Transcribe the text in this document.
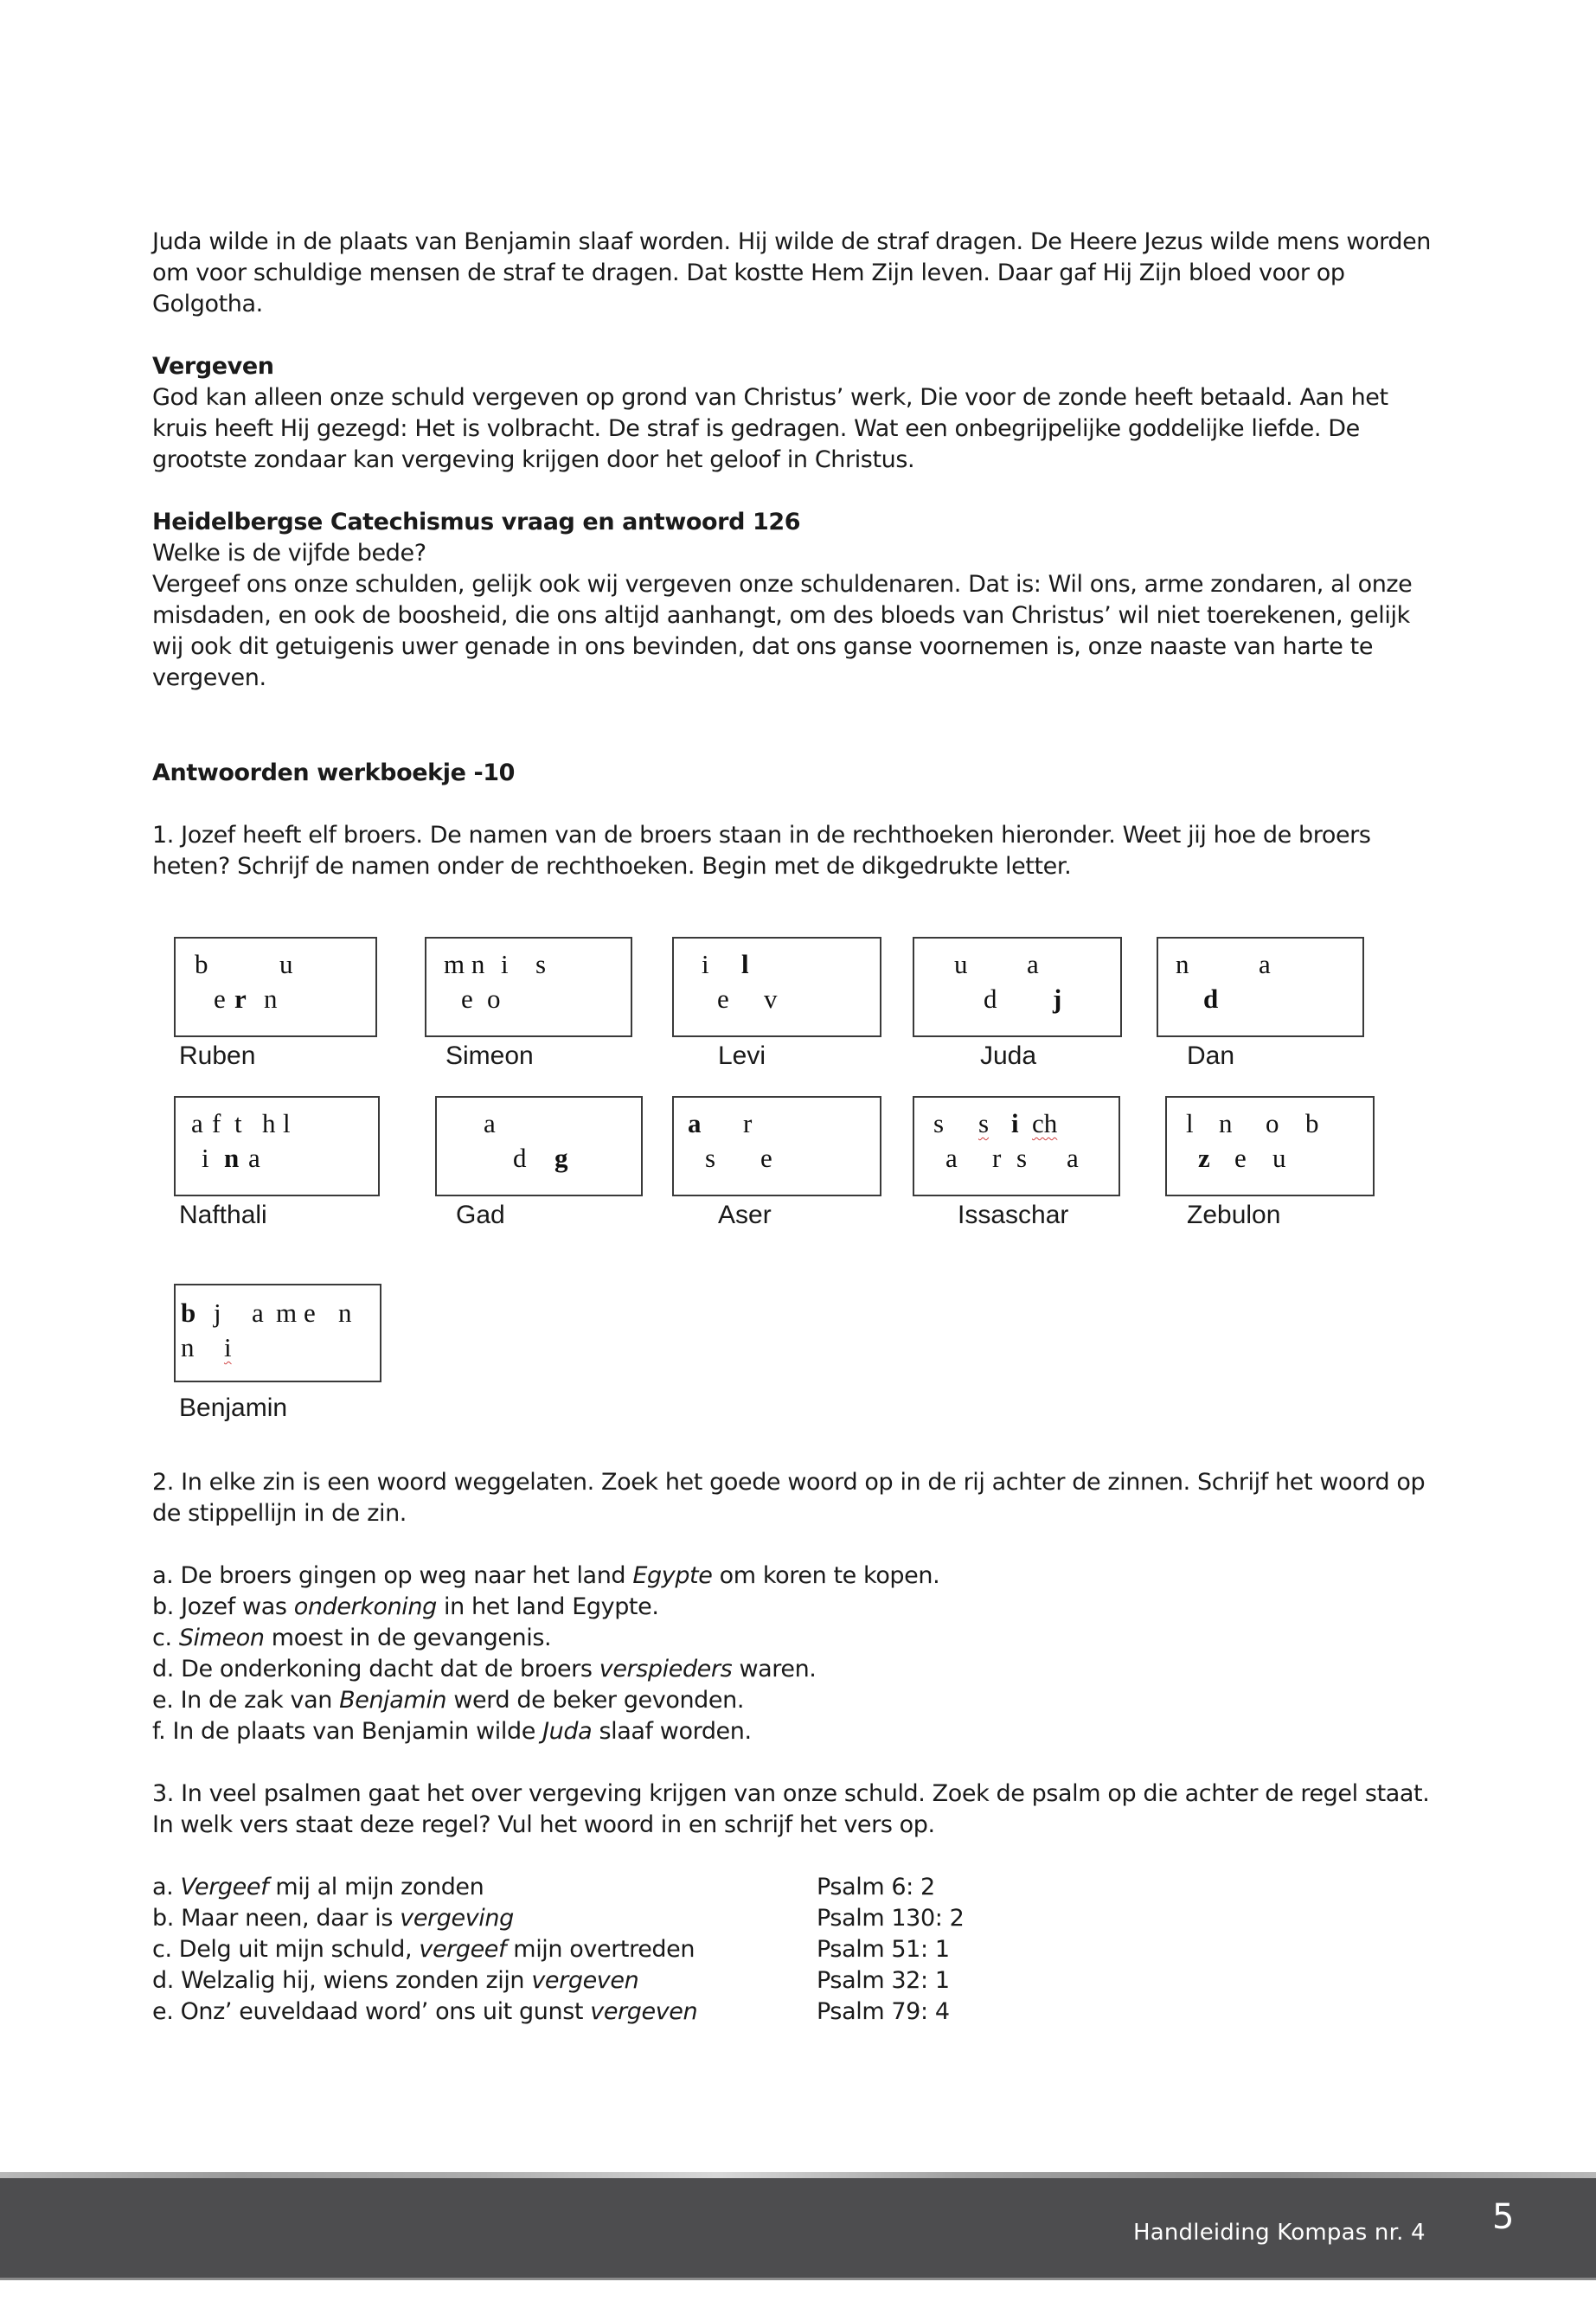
Juda wilde in de plaats van Benjamin slaaf worden. Hij wilde de straf dragen. De Heere Jezus wilde mens worden om voor schuldige mensen de straf te dragen. Dat kostte Hem Zijn leven. Daar gaf Hij Zijn bloed voor op Golgotha.

Vergeven

God kan alleen onze schuld vergeven op grond van Christus’ werk, Die voor de zonde heeft betaald. Aan het kruis heeft Hij gezegd: Het is volbracht. De straf is gedragen. Wat een onbegrijpelijke goddelijke liefde. De grootste zondaar kan vergeving krijgen door het geloof in Christus.

Heidelbergse Catechismus vraag en antwoord 126

Welke is de vijfde bede?

Vergeef ons onze schulden, gelijk ook wij vergeven onze schuldenaren. Dat is: Wil ons, arme zondaren, al onze misdaden, en ook de boosheid, die ons altijd aanhangt, om des bloeds van Christus’ wil niet toerekenen, gelijk wij ook dit getuigenis uwer genade in ons bevinden, dat ons ganse voornemen is, onze naaste van harte te vergeven.

Antwoorden werkboekje -10

1. Jozef heeft elf broers. De namen van de broers staan in de rechthoeken hieronder. Weet jij hoe de broers heten? Schrijf de namen onder de rechthoeken. Begin met de dikgedrukte letter.

b	u
e r n
Ruben
m n i s
e o
Simeon
i l
e v
Levi
u a
d j
Juda
n	a
d
Dan
a f t h l
i n a
Nafthali
a
d g
Gad
a r
s e
Aser
s s i ch
a r s a
Issaschar
l n o b
z e u
Zebulon
b j a m e n
n i
Benjamin

2. In elke zin is een woord weggelaten. Zoek het goede woord op in de rij achter de zinnen. Schrijf het woord op de stippellijn in de zin.

a. De broers gingen op weg naar het land Egypte om koren te kopen.

b. Jozef was onderkoning in het land Egypte.

c. Simeon moest in de gevangenis.

d. De onderkoning dacht dat de broers verspieders waren.

e. In de zak van Benjamin werd de beker gevonden.

f. In de plaats van Benjamin wilde Juda slaaf worden.

3. In veel psalmen gaat het over vergeving krijgen van onze schuld. Zoek de psalm op die achter de regel staat. In welk vers staat deze regel? Vul het woord in en schrijf het vers op.

a. Vergeef mij al mijn zonden	Psalm 6: 2
b. Maar neen, daar is vergeving	Psalm 130: 2
c. Delg uit mijn schuld, vergeef mijn overtreden	Psalm 51: 1
d. Welzalig hij, wiens zonden zijn vergeven	Psalm 32: 1
e. Onz’ euveldaad word’ ons uit gunst vergeven	Psalm 79: 4
Handleiding Kompas nr. 4 5
